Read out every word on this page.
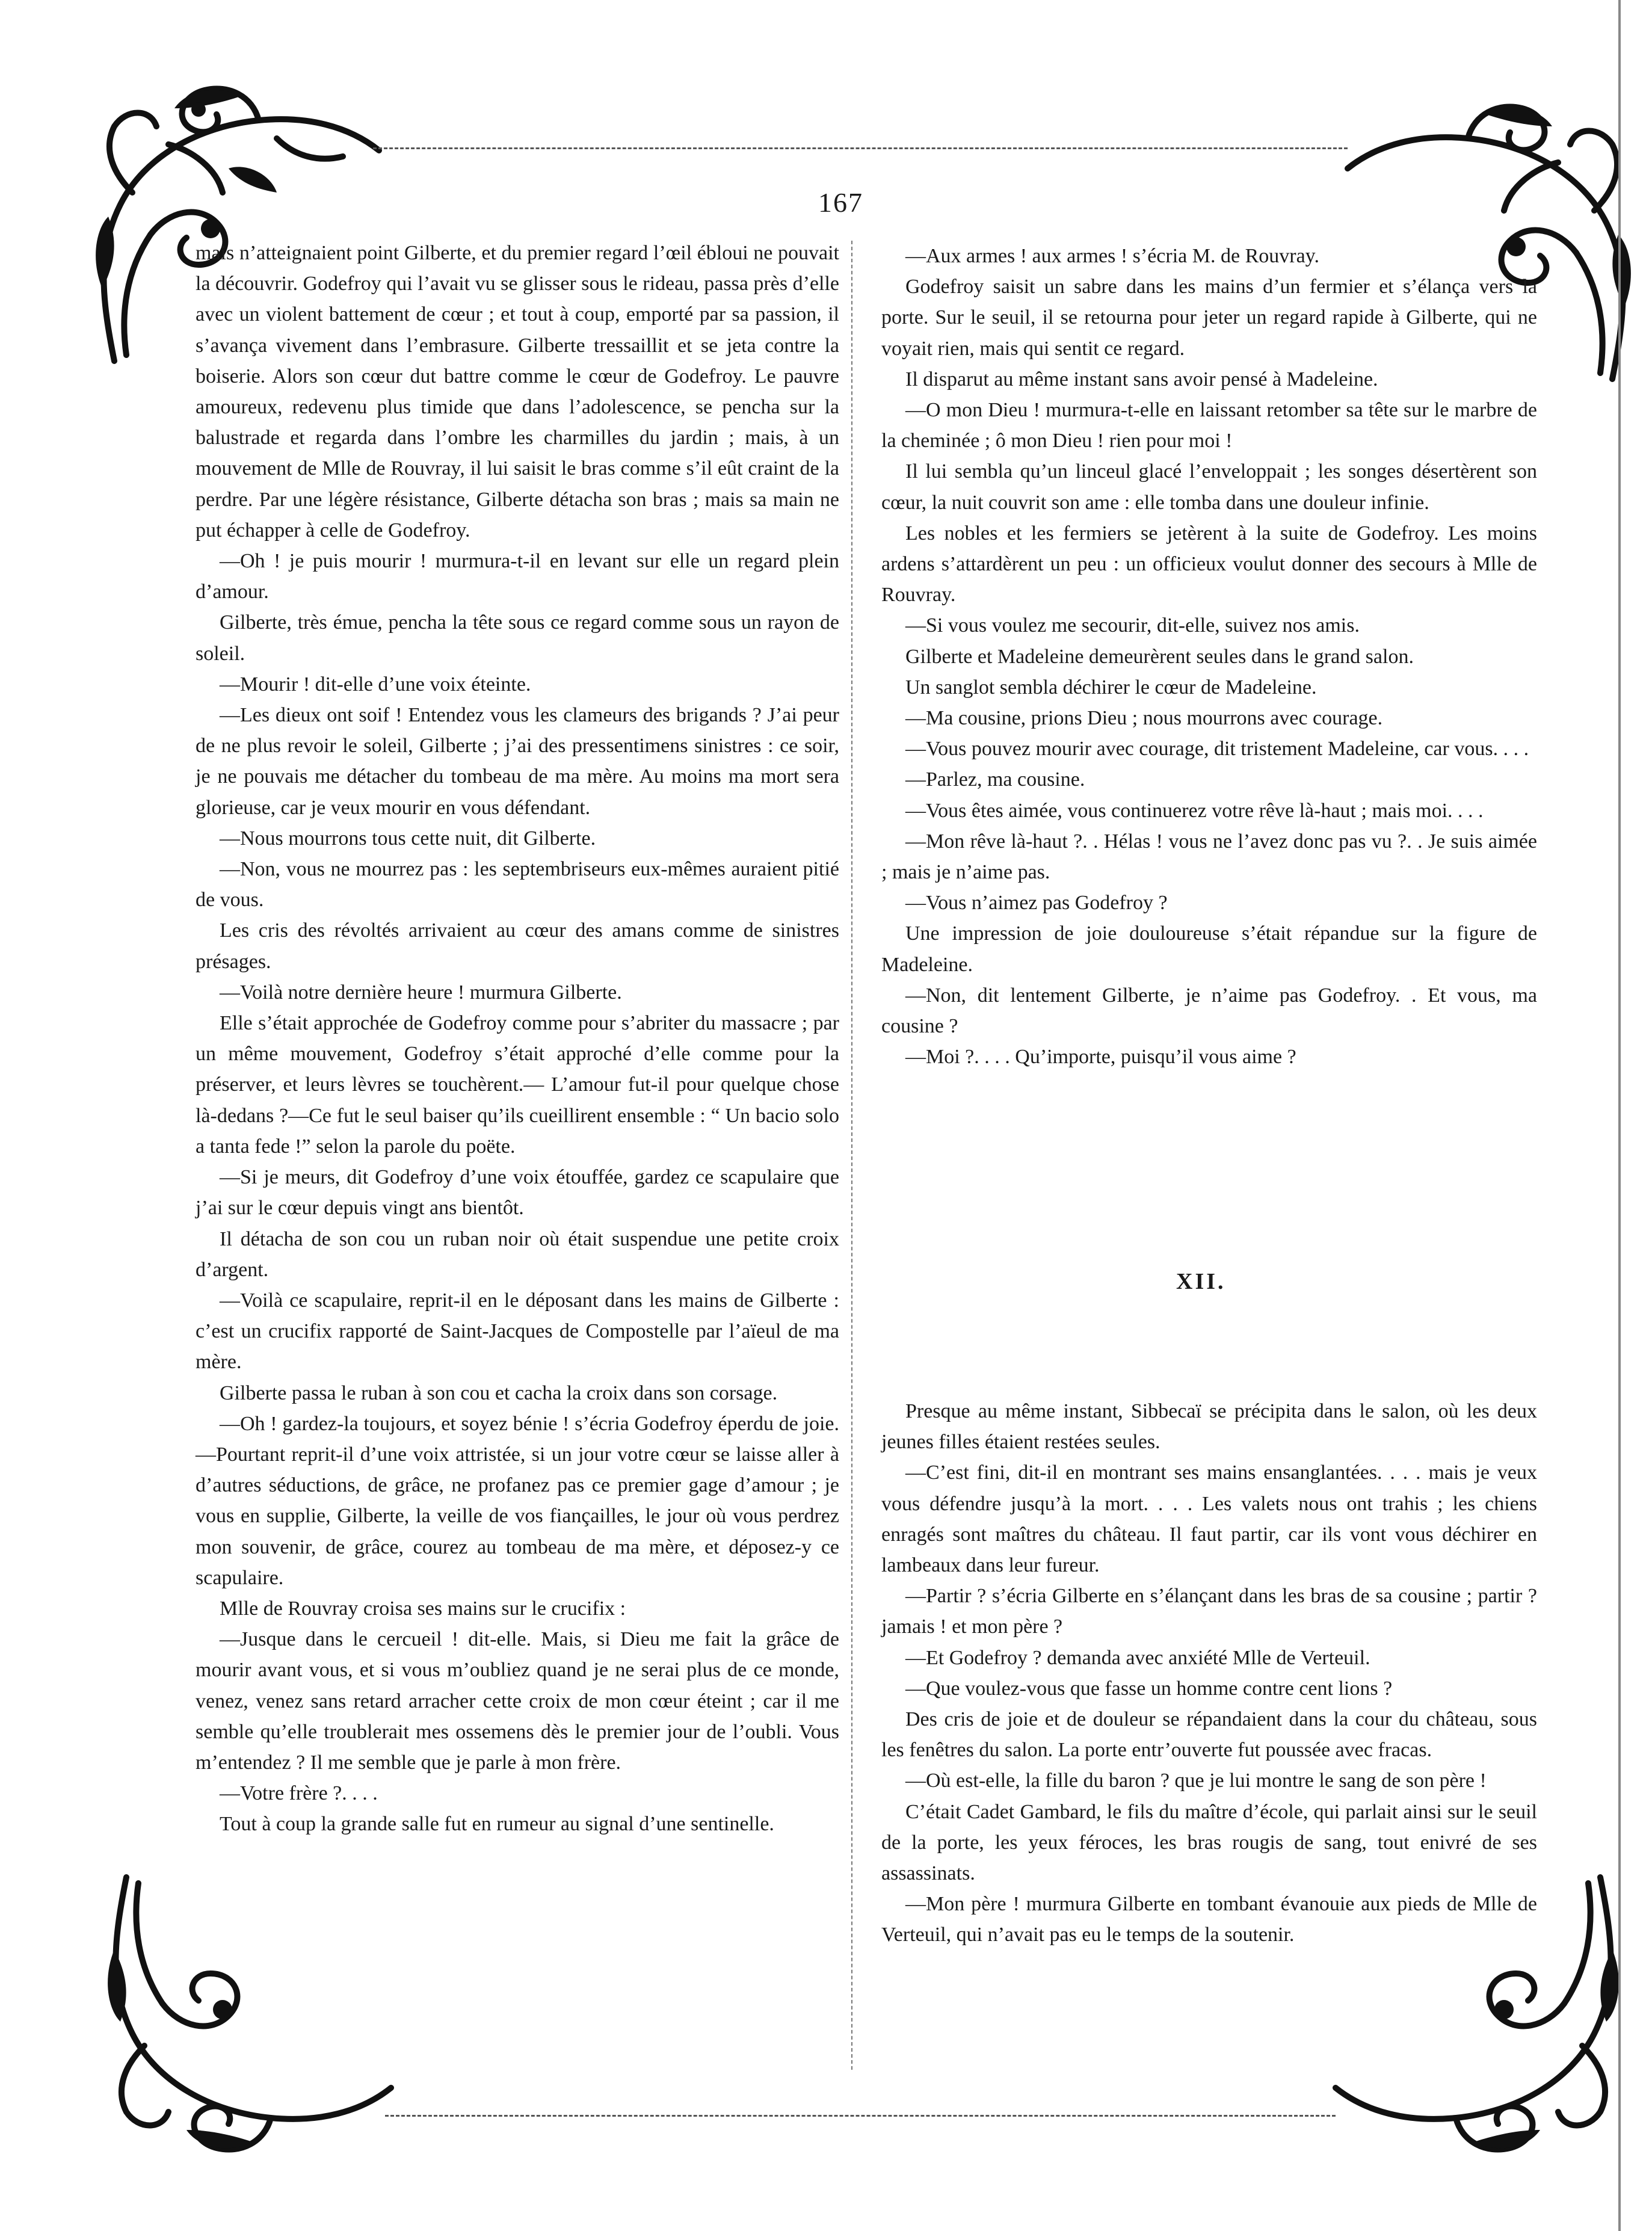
167

mais n’atteignaient point Gilberte, et du premier regard l’œil ébloui ne pouvait la découvrir. Godefroy qui l’avait vu se glisser sous le rideau, passa près d’elle avec un violent battement de cœur ; et tout à coup, emporté par sa passion, il s’avança vivement dans l’embrasure. Gilberte tressaillit et se jeta contre la boiserie. Alors son cœur dut battre comme le cœur de Godefroy. Le pauvre amoureux, redevenu plus timide que dans l’adolescence, se pencha sur la balustrade et regarda dans l’ombre les charmilles du jardin ; mais, à un mouvement de Mlle de Rouvray, il lui saisit le bras comme s’il eût craint de la perdre. Par une légère résistance, Gilberte détacha son bras ; mais sa main ne put échapper à celle de Godefroy.

—Oh ! je puis mourir ! murmura-t-il en levant sur elle un regard plein d’amour.

Gilberte, très émue, pencha la tête sous ce regard comme sous un rayon de soleil.

—Mourir ! dit-elle d’une voix éteinte.

—Les dieux ont soif ! Entendez vous les clameurs des brigands ? J’ai peur de ne plus revoir le soleil, Gilberte ; j’ai des pressentimens sinistres : ce soir, je ne pouvais me détacher du tombeau de ma mère. Au moins ma mort sera glorieuse, car je veux mourir en vous défendant.

—Nous mourrons tous cette nuit, dit Gilberte.

—Non, vous ne mourrez pas : les septembriseurs eux-mêmes auraient pitié de vous.

Les cris des révoltés arrivaient au cœur des amans comme de sinistres présages.

—Voilà notre dernière heure ! murmura Gilberte.

Elle s’était approchée de Godefroy comme pour s’abriter du massacre ; par un même mouvement, Godefroy s’était approché d’elle comme pour la préserver, et leurs lèvres se touchèrent.— L’amour fut-il pour quelque chose là-dedans ?—Ce fut le seul baiser qu’ils cueillirent ensemble : “ Un bacio solo a tanta fede !” selon la parole du poëte.

—Si je meurs, dit Godefroy d’une voix étouffée, gardez ce scapulaire que j’ai sur le cœur depuis vingt ans bientôt.

Il détacha de son cou un ruban noir où était suspendue une petite croix d’argent.

—Voilà ce scapulaire, reprit-il en le déposant dans les mains de Gilberte : c’est un crucifix rapporté de Saint-Jacques de Compostelle par l’aïeul de ma mère.

Gilberte passa le ruban à son cou et cacha la croix dans son corsage.

—Oh ! gardez-la toujours, et soyez bénie ! s’écria Godefroy éperdu de joie.—Pourtant reprit-il d’une voix attristée, si un jour votre cœur se laisse aller à d’autres séductions, de grâce, ne profanez pas ce premier gage d’amour ; je vous en supplie, Gilberte, la veille de vos fiançailles, le jour où vous perdrez mon souvenir, de grâce, courez au tombeau de ma mère, et déposez-y ce scapulaire.

Mlle de Rouvray croisa ses mains sur le crucifix :

—Jusque dans le cercueil ! dit-elle. Mais, si Dieu me fait la grâce de mourir avant vous, et si vous m’oubliez quand je ne serai plus de ce monde, venez, venez sans retard arracher cette croix de mon cœur éteint ; car il me semble qu’elle troublerait mes ossemens dès le premier jour de l’oubli. Vous m’entendez ? Il me semble que je parle à mon frère.

—Votre frère ?. . . .

Tout à coup la grande salle fut en rumeur au signal d’une sentinelle.

—Aux armes ! aux armes ! s’écria M. de Rouvray.

Godefroy saisit un sabre dans les mains d’un fermier et s’élança vers la porte. Sur le seuil, il se retourna pour jeter un regard rapide à Gilberte, qui ne voyait rien, mais qui sentit ce regard.

Il disparut au même instant sans avoir pensé à Madeleine.

—O mon Dieu ! murmura-t-elle en laissant retomber sa tête sur le marbre de la cheminée ; ô mon Dieu ! rien pour moi !

Il lui sembla qu’un linceul glacé l’enveloppait ; les songes désertèrent son cœur, la nuit couvrit son ame : elle tomba dans une douleur infinie.

Les nobles et les fermiers se jetèrent à la suite de Godefroy. Les moins ardens s’attardèrent un peu : un officieux voulut donner des secours à Mlle de Rouvray.

—Si vous voulez me secourir, dit-elle, suivez nos amis.

Gilberte et Madeleine demeurèrent seules dans le grand salon.

Un sanglot sembla déchirer le cœur de Madeleine.

—Ma cousine, prions Dieu ; nous mourrons avec courage.

—Vous pouvez mourir avec courage, dit tristement Madeleine, car vous. . . .

—Parlez, ma cousine.

—Vous êtes aimée, vous continuerez votre rêve là-haut ; mais moi. . . .

—Mon rêve là-haut ?. . Hélas ! vous ne l’avez donc pas vu ?. . Je suis aimée ; mais je n’aime pas.

—Vous n’aimez pas Godefroy ?

Une impression de joie douloureuse s’était répandue sur la figure de Madeleine.

—Non, dit lentement Gilberte, je n’aime pas Godefroy. . Et vous, ma cousine ?

—Moi ?. . . . Qu’importe, puisqu’il vous aime ?

XII.

Presque au même instant, Sibbecaï se précipita dans le salon, où les deux jeunes filles étaient restées seules.

—C’est fini, dit-il en montrant ses mains ensanglantées. . . . mais je veux vous défendre jusqu’à la mort. . . . Les valets nous ont trahis ; les chiens enragés sont maîtres du château. Il faut partir, car ils vont vous déchirer en lambeaux dans leur fureur.

—Partir ? s’écria Gilberte en s’élançant dans les bras de sa cousine ; partir ? jamais ! et mon père ?

—Et Godefroy ? demanda avec anxiété Mlle de Verteuil.

—Que voulez-vous que fasse un homme contre cent lions ?

Des cris de joie et de douleur se répandaient dans la cour du château, sous les fenêtres du salon. La porte entr’ouverte fut poussée avec fracas.

—Où est-elle, la fille du baron ? que je lui montre le sang de son père !

C’était Cadet Gambard, le fils du maître d’école, qui parlait ainsi sur le seuil de la porte, les yeux féroces, les bras rougis de sang, tout enivré de ses assassinats.

—Mon père ! murmura Gilberte en tombant évanouie aux pieds de Mlle de Verteuil, qui n’avait pas eu le temps de la soutenir.
